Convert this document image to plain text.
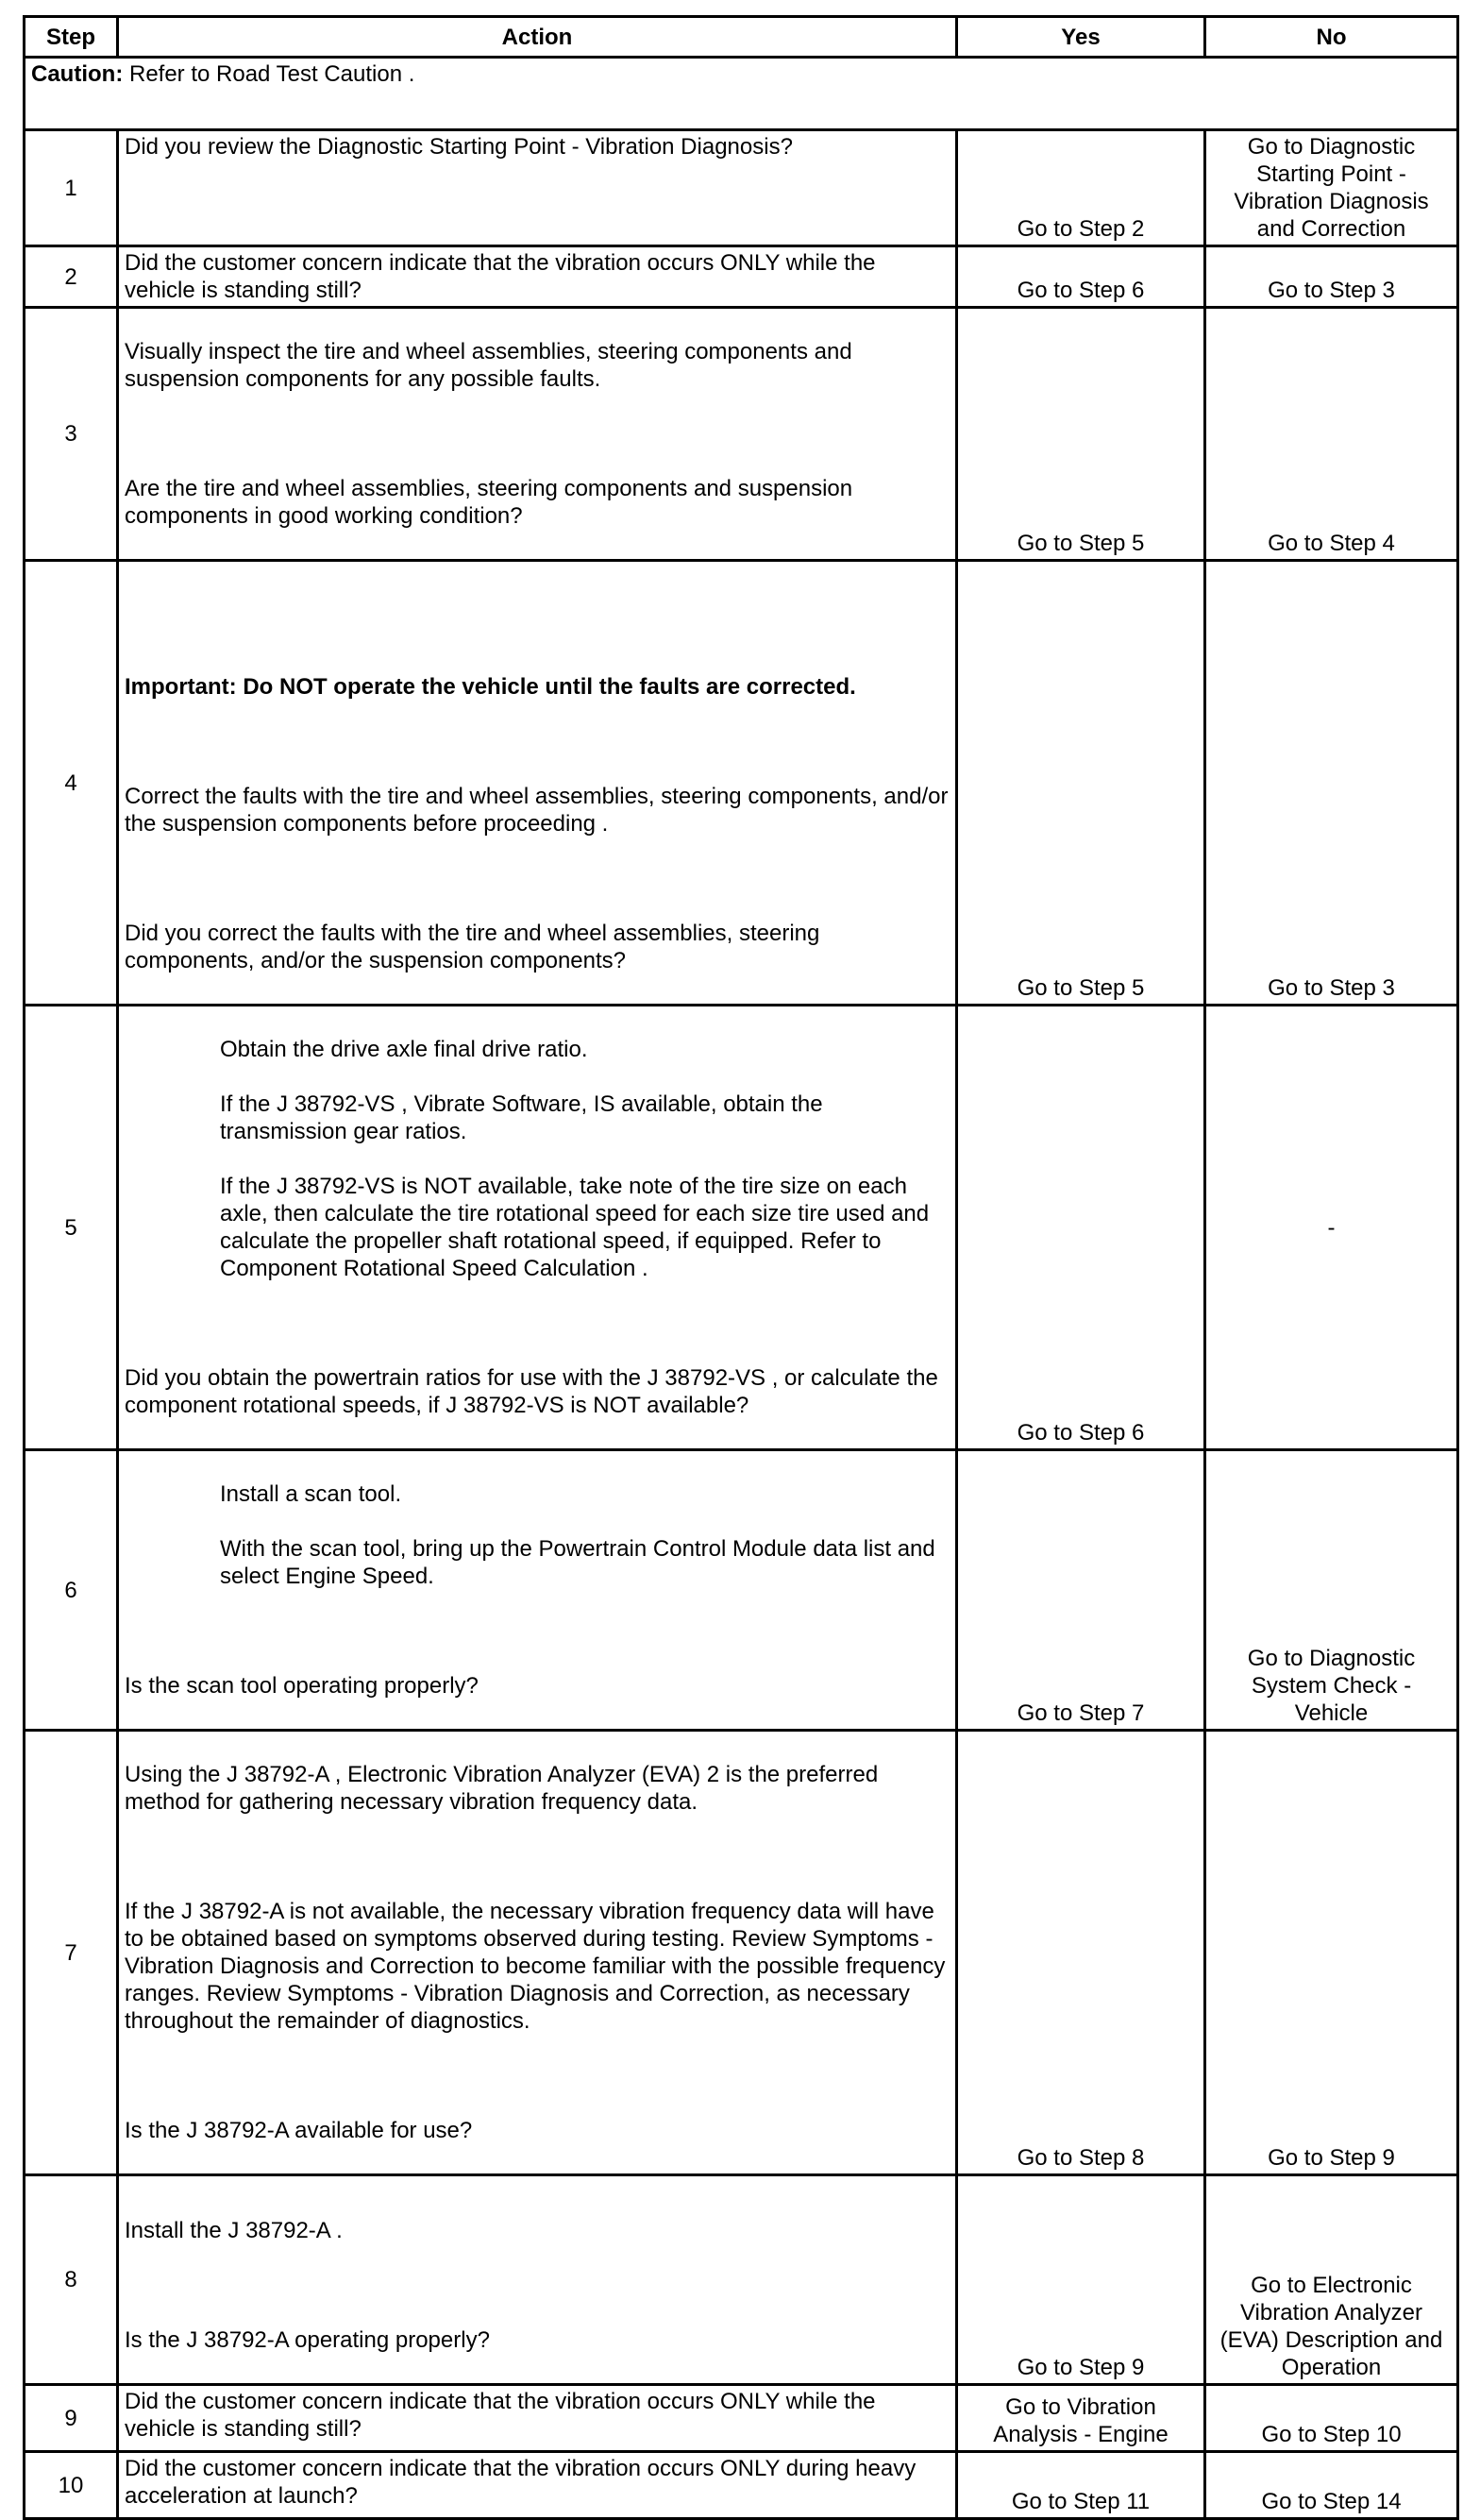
Step	Action	Yes	No
Caution: Refer to Road Test Caution .			
1	Did you review the Diagnostic Starting Point - Vibration Diagnosis?	Go to Step 2	Go to Diagnostic Starting Point - Vibration Diagnosis and Correction
2	Did the customer concern indicate that the vibration occurs ONLY while the vehicle is standing still?	Go to Step 6	Go to Step 3
3	Visually inspect the tire and wheel assemblies, steering components and suspension components for any possible faults.

Are the tire and wheel assemblies, steering components and suspension components in good working condition?	Go to Step 5	Go to Step 4
4	Important: Do NOT operate the vehicle until the faults are corrected.

Correct the faults with the tire and wheel assemblies, steering components, and/or the suspension components before proceeding .

Did you correct the faults with the tire and wheel assemblies, steering components, and/or the suspension components?	Go to Step 5	Go to Step 3
5	Obtain the drive axle final drive ratio.

If the J 38792-VS , Vibrate Software, IS available, obtain the transmission gear ratios.

If the J 38792-VS is NOT available, take note of the tire size on each axle, then calculate the tire rotational speed for each size tire used and calculate the propeller shaft rotational speed, if equipped. Refer to Component Rotational Speed Calculation .

Did you obtain the powertrain ratios for use with the J 38792-VS , or calculate the component rotational speeds, if J 38792-VS is NOT available?	Go to Step 6	-
6	Install a scan tool.

With the scan tool, bring up the Powertrain Control Module data list and select Engine Speed.

Is the scan tool operating properly?	Go to Step 7	Go to Diagnostic System Check - Vehicle
7	Using the J 38792-A , Electronic Vibration Analyzer (EVA) 2 is the preferred method for gathering necessary vibration frequency data.

If the J 38792-A is not available, the necessary vibration frequency data will have to be obtained based on symptoms observed during testing. Review Symptoms - Vibration Diagnosis and Correction to become familiar with the possible frequency ranges. Review Symptoms - Vibration Diagnosis and Correction, as necessary throughout the remainder of diagnostics.

Is the J 38792-A available for use?	Go to Step 8	Go to Step 9
8	Install the J 38792-A .

Is the J 38792-A operating properly?	Go to Step 9	Go to Electronic Vibration Analyzer (EVA) Description and Operation
9	Did the customer concern indicate that the vibration occurs ONLY while the vehicle is standing still?	Go to Vibration Analysis - Engine	Go to Step 10
10	Did the customer concern indicate that the vibration occurs ONLY during heavy acceleration at launch?	Go to Step 11	Go to Step 14
